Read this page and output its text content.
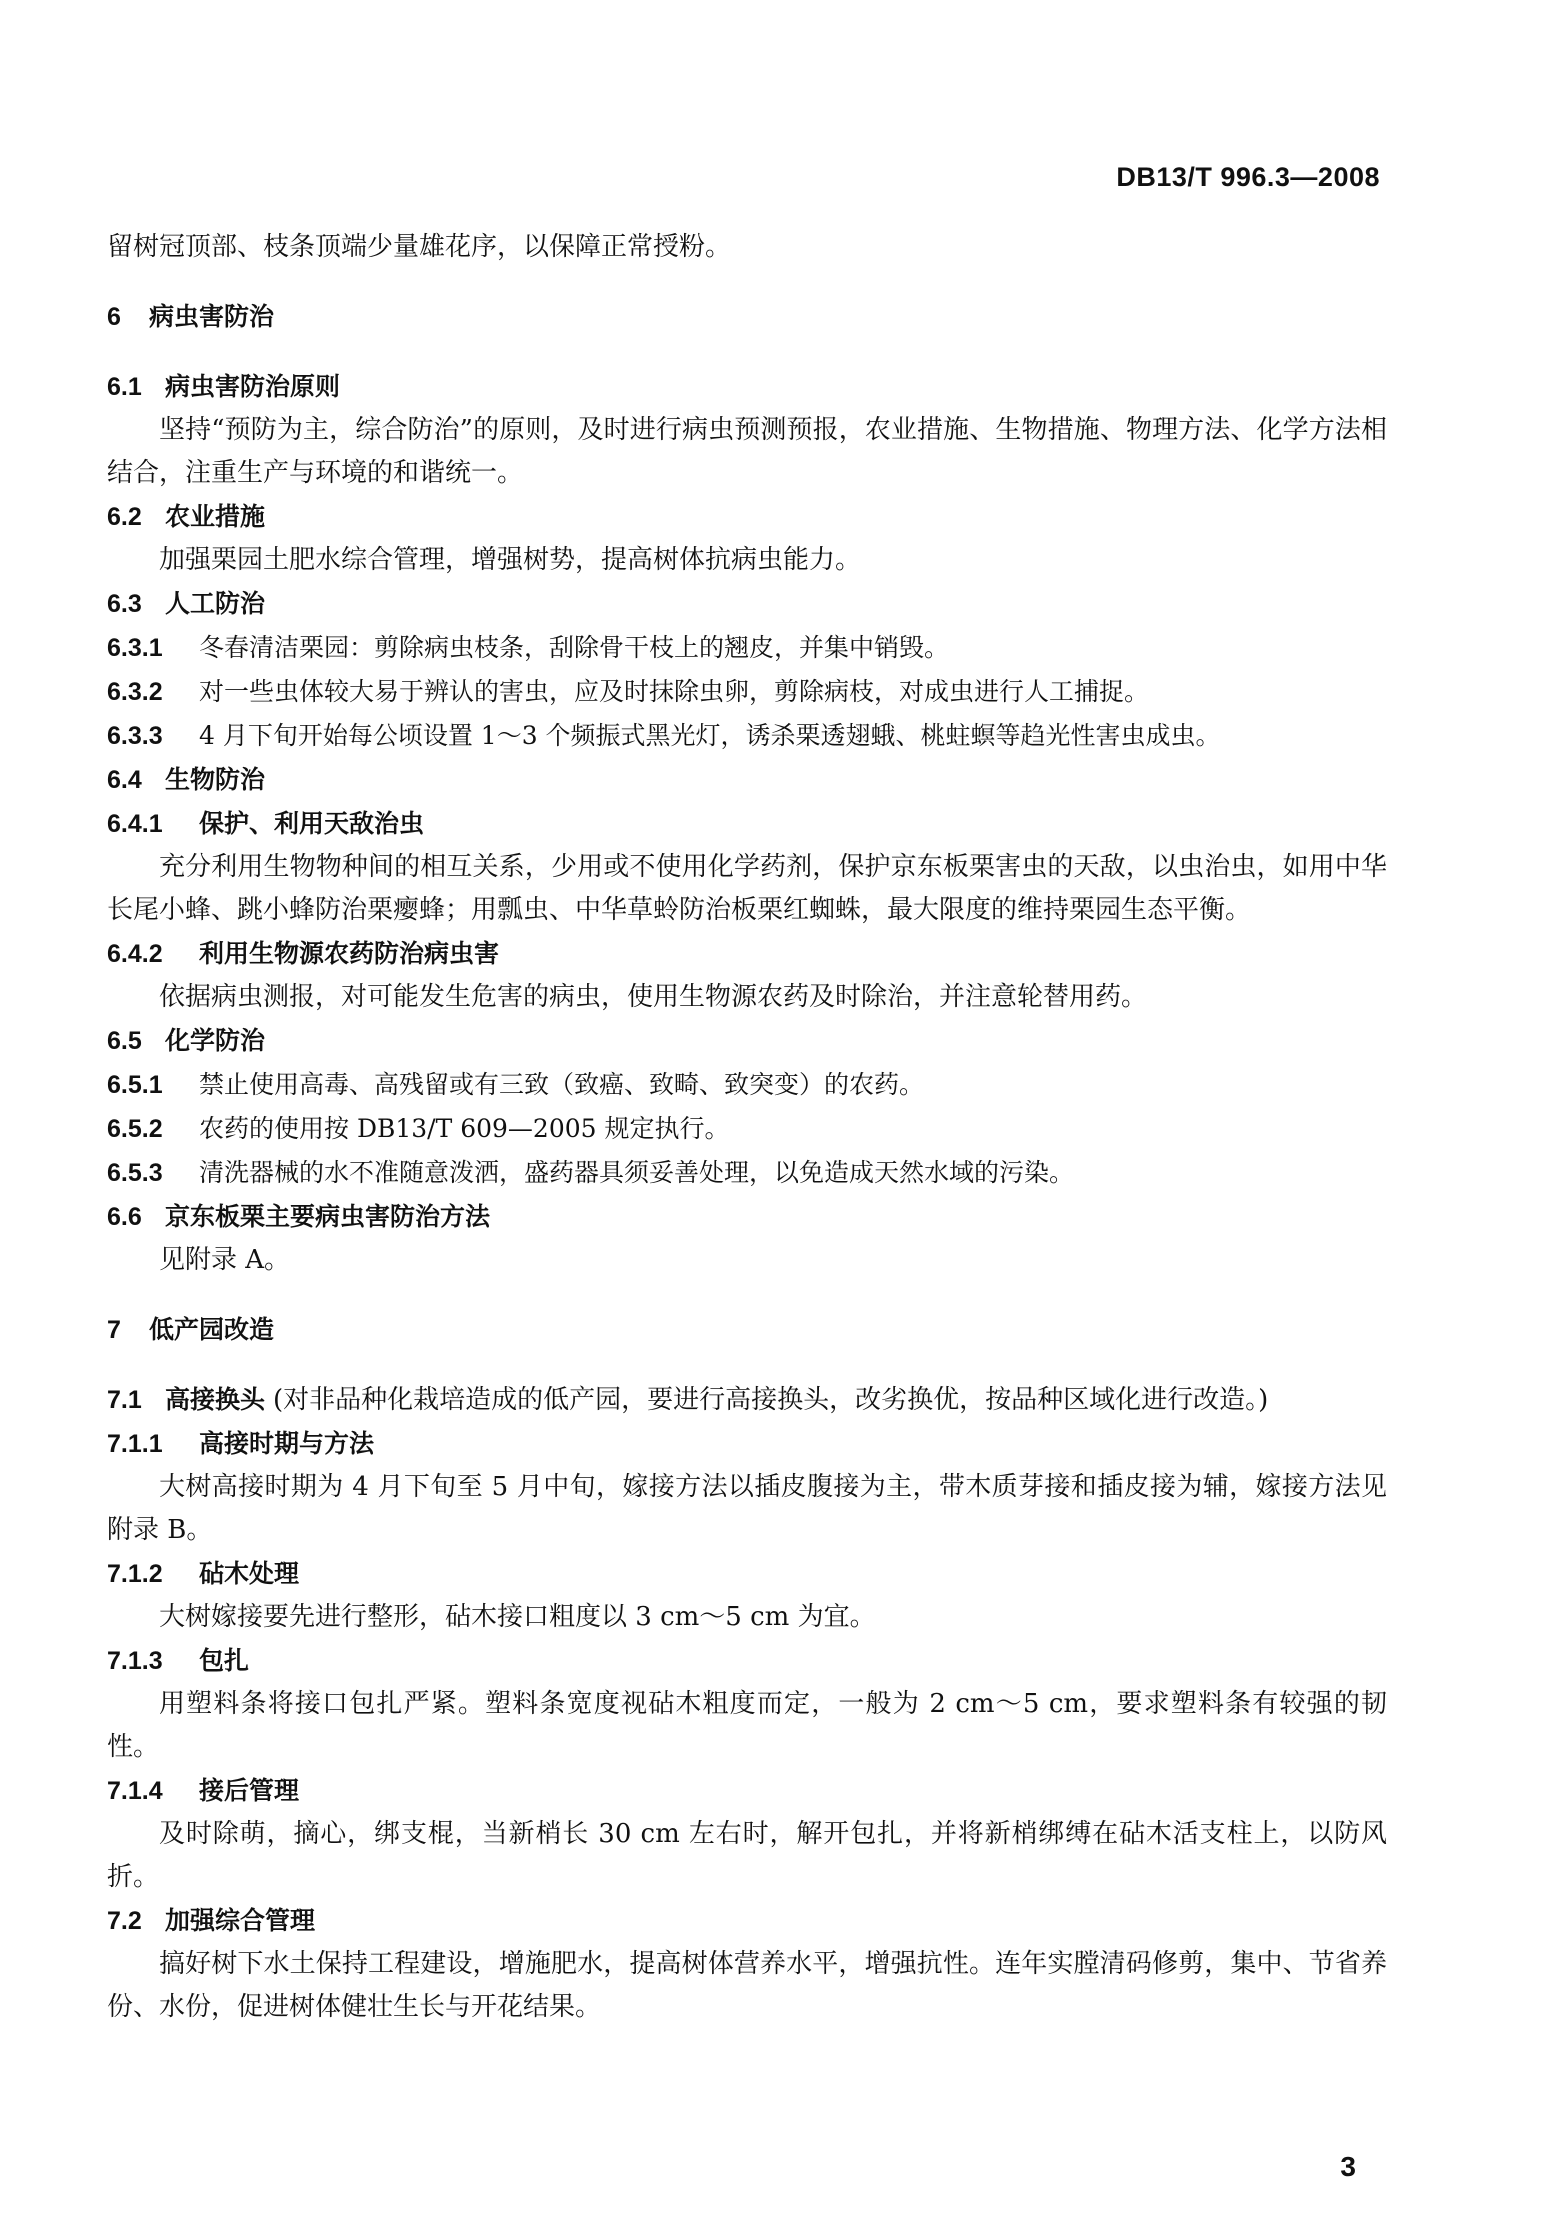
DB13/T 996.3—2008
留树冠顶部、枝条顶端少量雄花序，以保障正常授粉。
6 病虫害防治
6.1 病虫害防治原则

坚持“预防为主，综合防治”的原则，及时进行病虫预测预报，农业措施、生物措施、物理方法、化学方法相结合，注重生产与环境的和谐统一。

6.2 农业措施

加强栗园土肥水综合管理，增强树势，提高树体抗病虫能力。

6.3 人工防治
6.3.1 冬春清洁栗园：剪除病虫枝条，刮除骨干枝上的翘皮，并集中销毁。
6.3.2 对一些虫体较大易于辨认的害虫，应及时抹除虫卵，剪除病枝，对成虫进行人工捕捉。
6.3.3 4 月下旬开始每公顷设置 1～3 个频振式黑光灯，诱杀栗透翅蛾、桃蛀螟等趋光性害虫成虫。
6.4 生物防治
6.4.1 保护、利用天敌治虫

充分利用生物物种间的相互关系，少用或不使用化学药剂，保护京东板栗害虫的天敌，以虫治虫，如用中华长尾小蜂、跳小蜂防治栗瘿蜂；用瓢虫、中华草蛉防治板栗红蜘蛛，最大限度的维持栗园生态平衡。

6.4.2 利用生物源农药防治病虫害

依据病虫测报，对可能发生危害的病虫，使用生物源农药及时除治，并注意轮替用药。

6.5 化学防治
6.5.1 禁止使用高毒、高残留或有三致（致癌、致畸、致突变）的农药。
6.5.2 农药的使用按 DB13/T 609—2005 规定执行。
6.5.3 清洗器械的水不准随意泼洒，盛药器具须妥善处理，以免造成天然水域的污染。
6.6 京东板栗主要病虫害防治方法

见附录 A。

7 低产园改造
7.1 高接换头 (对非品种化栽培造成的低产园，要进行高接换头，改劣换优，按品种区域化进行改造。)
7.1.1 高接时期与方法

大树高接时期为 4 月下旬至 5 月中旬，嫁接方法以插皮腹接为主，带木质芽接和插皮接为辅，嫁接方法见附录 B。

7.1.2 砧木处理

大树嫁接要先进行整形，砧木接口粗度以 3 cm～5 cm 为宜。

7.1.3 包扎

用塑料条将接口包扎严紧。塑料条宽度视砧木粗度而定，一般为 2 cm～5 cm，要求塑料条有较强的韧性。

7.1.4 接后管理

及时除萌，摘心，绑支棍，当新梢长 30 cm 左右时，解开包扎，并将新梢绑缚在砧木活支柱上，以防风折。

7.2 加强综合管理

搞好树下水土保持工程建设，增施肥水，提高树体营养水平，增强抗性。连年实膛清码修剪，集中、节省养份、水份，促进树体健壮生长与开花结果。

3
